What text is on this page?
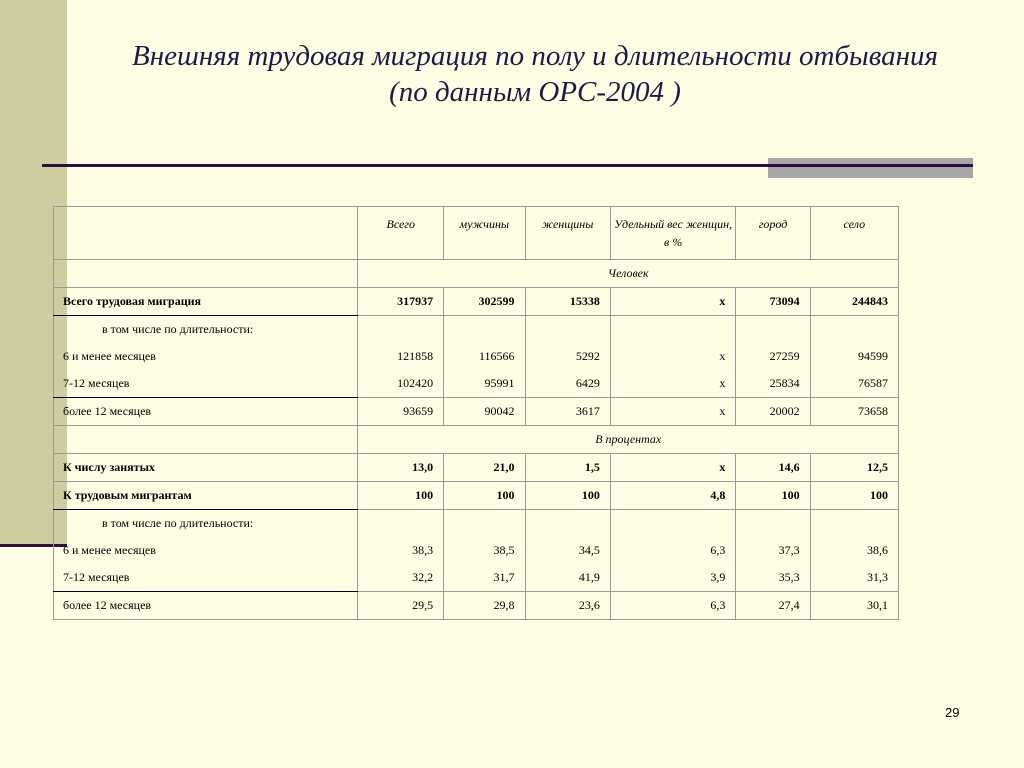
Внешняя трудовая миграция по полу и длительности отбывания
(по данным ОРС-2004 )
	Всего	мужчины	женщины	Удельный вес женщин, в %	город	село
	Человек					
Всего трудовая миграция	317937	302599	15338	x	73094	244843
в том числе по длительности:						
6 и менее месяцев	121858	116566	5292	x	27259	94599
7-12 месяцев	102420	95991	6429	x	25834	76587
более 12 месяцев	93659	90042	3617	x	20002	73658
	В процентах					
К числу занятых	13,0	21,0	1,5	x	14,6	12,5
К трудовым мигрантам	100	100	100	4,8	100	100
в том числе по длительности:						
6 и менее месяцев	38,3	38,5	34,5	6,3	37,3	38,6
7-12 месяцев	32,2	31,7	41,9	3,9	35,3	31,3
более 12 месяцев	29,5	29,8	23,6	6,3	27,4	30,1
29
